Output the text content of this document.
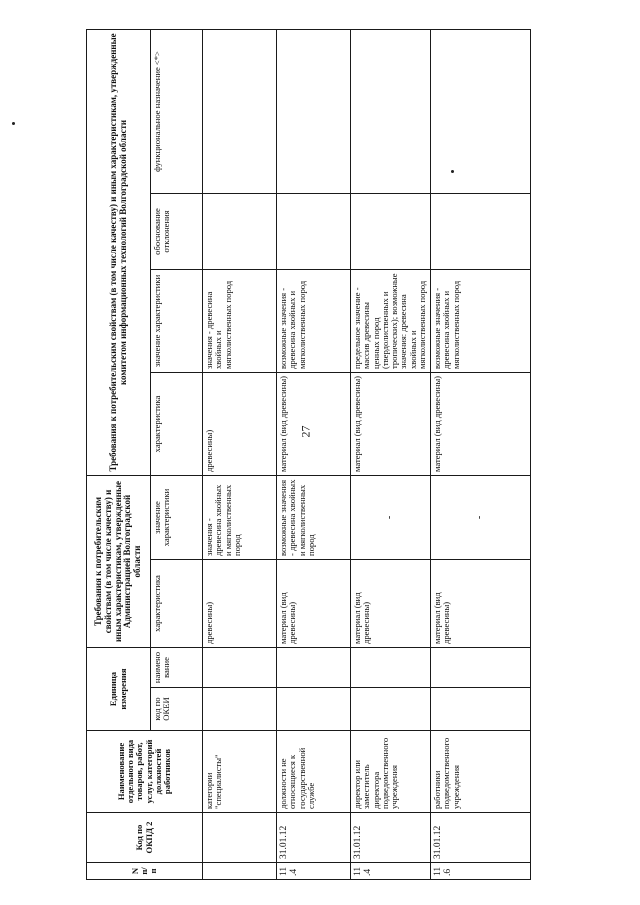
27
N п/п	Код по ОКПД 2	Наименование отдельного вида товаров, работ, услуг, категорий должностей работников	Единица измерения		Требования к потребительским свойствам (в том числе качеству) и иным характеристикам, утвержденные Администрацией Волгоградской области		Требования к потребительским свойствам (в том числе качеству) и иным характеристикам, утвержденные комитетом информационных технологий Волгоградской области			
			код по ОКЕИ	наименование	характеристика	значение характеристики	характеристика	значение характеристики	обоснование отклонения	функциональное назначение <*>
		категории "специалисты"			древесины)	значения - древесина хвойных и мягколиственных пород	древесины)	значения - древесина хвойных и мягколиственных пород		
11.4	31.01.12	должности не относящиеся к государственной службе			материал (вид древесины)	возможные значения - древесина хвойных и мягколиственных пород	материал (вид древесины)	возможные значения - древесина хвойных и мягколиственных пород		
11.4	31.01.12	директор или заместитель директора подведомственного учреждения			материал (вид древесины)	-	материал (вид древесины)	предельное значение - массив древесины ценных пород (твердолиственных и тропических); возможные значения: древесина хвойных и мягколиственных пород		
11.6	31.01.12	работники подведомственного учреждения			материал (вид древесины)	-	материал (вид древесины)	возможные значения - древесина хвойных и мягколиственных пород		
